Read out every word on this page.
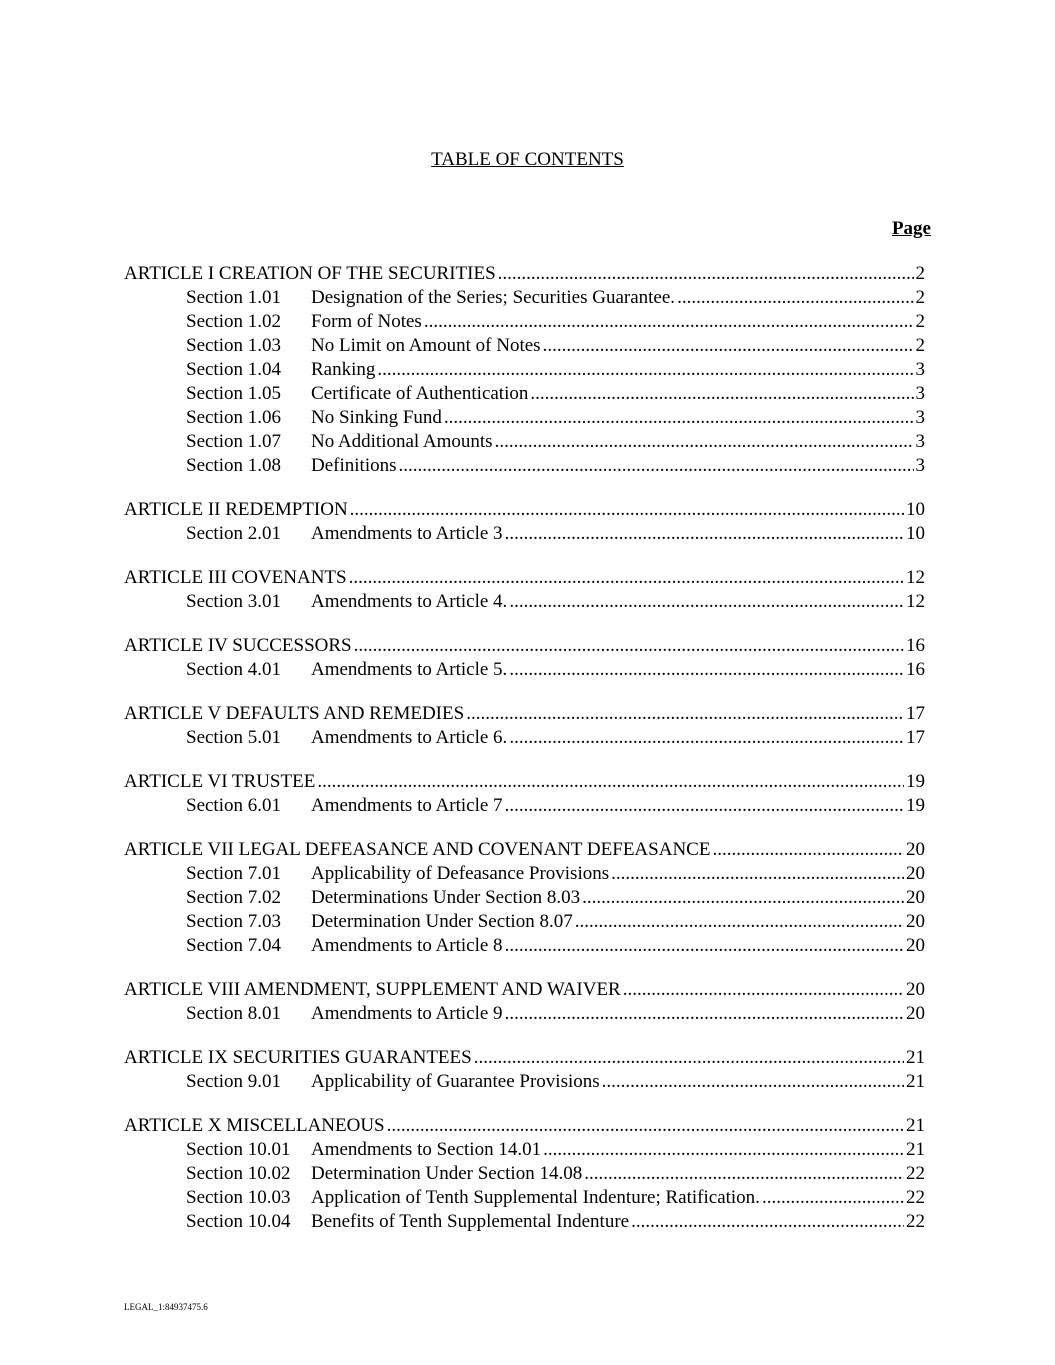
TABLE OF CONTENTS
Page
ARTICLE I CREATION OF THE SECURITIES .....	2
Section 1.01	Designation of the Series; Securities Guarantee. .....	2
Section 1.02	Form of Notes .....	2
Section 1.03	No Limit on Amount of Notes .....	2
Section 1.04	Ranking .....	3
Section 1.05	Certificate of Authentication .....	3
Section 1.06	No Sinking Fund .....	3
Section 1.07	No Additional Amounts .....	3
Section 1.08	Definitions .....	3
ARTICLE II REDEMPTION .....	10
Section 2.01	Amendments to Article 3 .....	10
ARTICLE III COVENANTS .....	12
Section 3.01	Amendments to Article 4. .....	12
ARTICLE IV SUCCESSORS .....	16
Section 4.01	Amendments to Article 5. .....	16
ARTICLE V DEFAULTS AND REMEDIES .....	17
Section 5.01	Amendments to Article 6. .....	17
ARTICLE VI TRUSTEE .....	19
Section 6.01	Amendments to Article 7 .....	19
ARTICLE VII LEGAL DEFEASANCE AND COVENANT DEFEASANCE .....	20
Section 7.01	Applicability of Defeasance Provisions .....	20
Section 7.02	Determinations Under Section 8.03 .....	20
Section 7.03	Determination Under Section 8.07 .....	20
Section 7.04	Amendments to Article 8 .....	20
ARTICLE VIII AMENDMENT, SUPPLEMENT AND WAIVER .....	20
Section 8.01	Amendments to Article 9 .....	20
ARTICLE IX SECURITIES GUARANTEES .....	21
Section 9.01	Applicability of Guarantee Provisions .....	21
ARTICLE X MISCELLANEOUS .....	21
Section 10.01	Amendments to Section 14.01 .....	21
Section 10.02	Determination Under Section 14.08 .....	22
Section 10.03	Application of Tenth Supplemental Indenture; Ratification. .....	22
Section 10.04	Benefits of Tenth Supplemental Indenture .....	22
LEGAL_1:84937475.6
